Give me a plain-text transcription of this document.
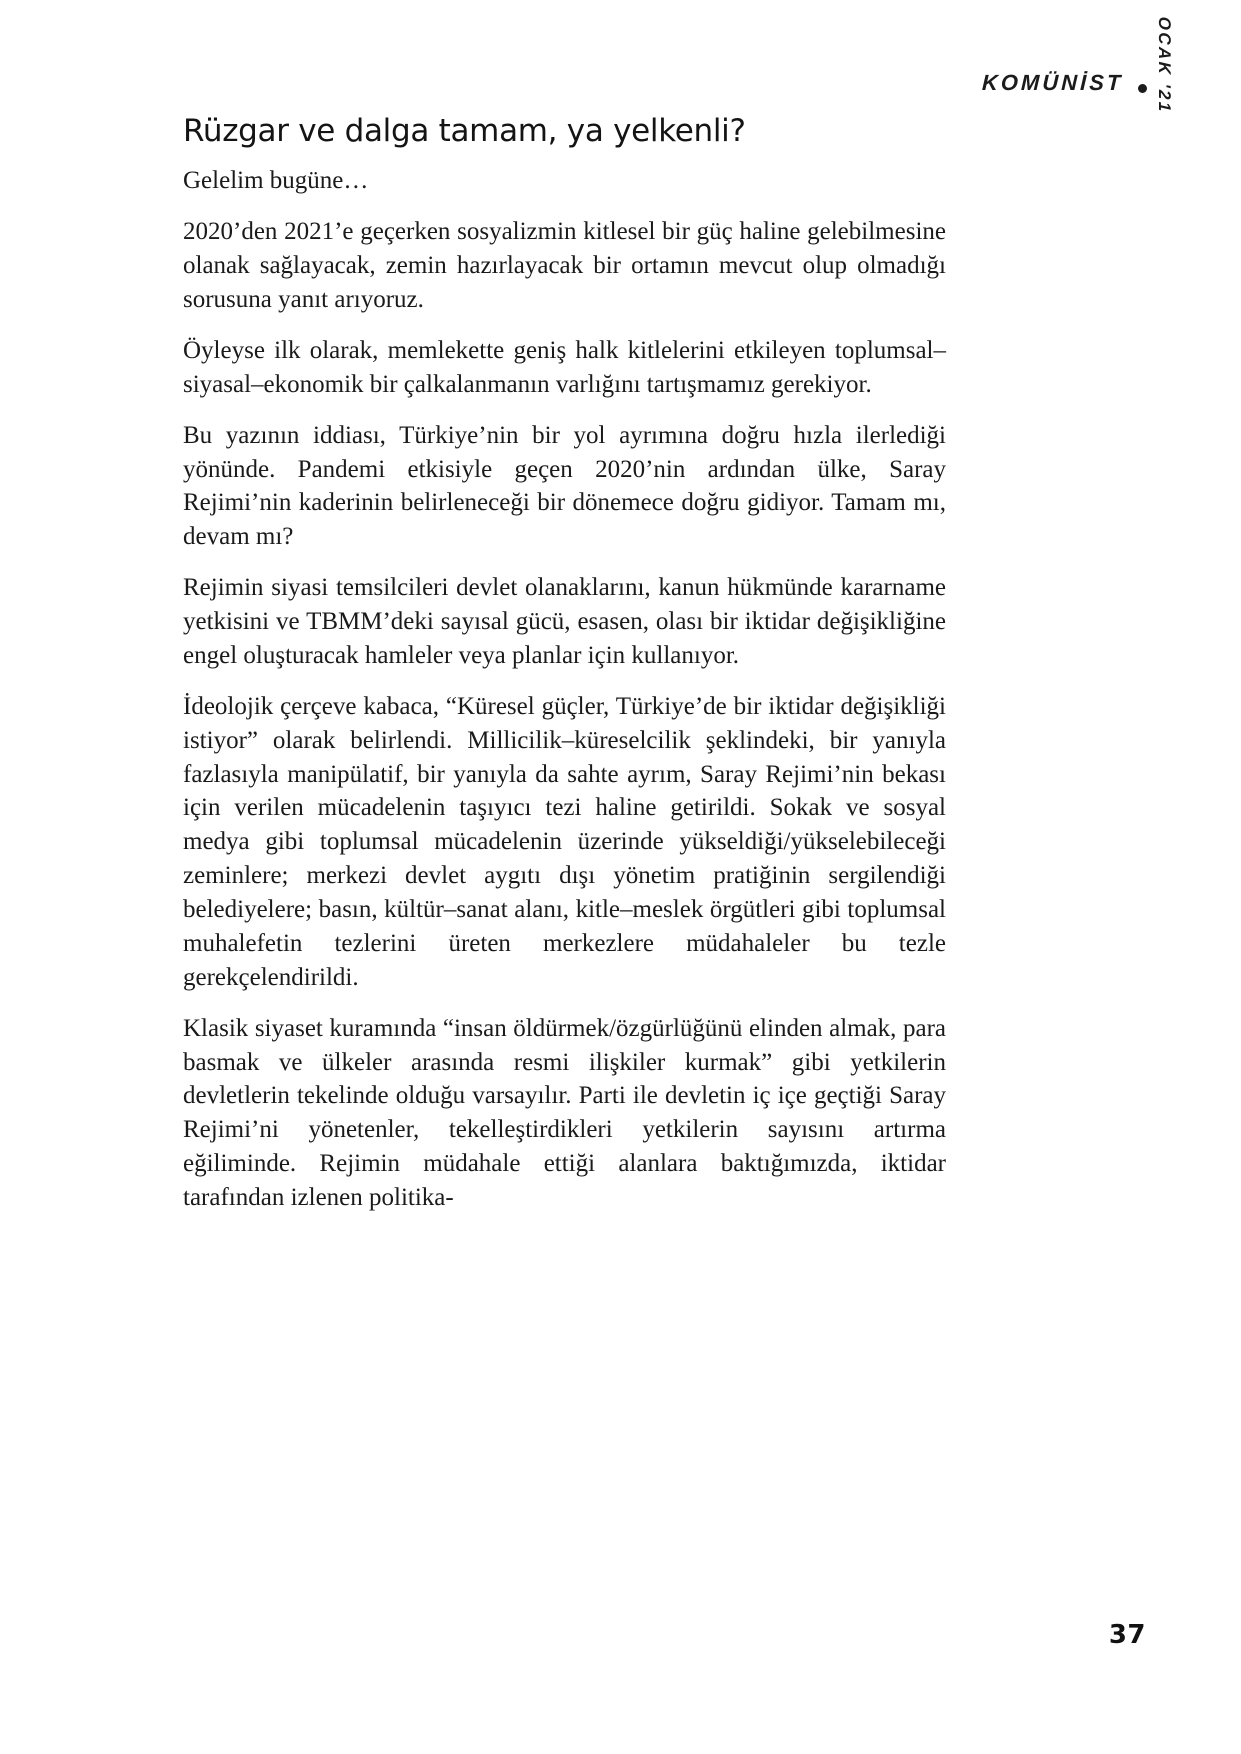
KOMÜNİST OCAK '21
Rüzgar ve dalga tamam, ya yelkenli?

Gelelim bugüne…

2020’den 2021’e geçerken sosyalizmin kitlesel bir güç haline gelebilmesine olanak sağlayacak, zemin hazırlayacak bir ortamın mevcut olup olmadığı sorusuna yanıt arıyoruz.

Öyleyse ilk olarak, memlekette geniş halk kitlelerini etkileyen toplumsal–siyasal–ekonomik bir çalkalanmanın varlığını tartışmamız gerekiyor.

Bu yazının iddiası, Türkiye’nin bir yol ayrımına doğru hızla ilerlediği yönünde. Pandemi etkisiyle geçen 2020’nin ardından ülke, Saray Rejimi’nin kaderinin belirleneceği bir dönemece doğru gidiyor. Tamam mı, devam mı?

Rejimin siyasi temsilcileri devlet olanaklarını, kanun hükmünde kararname yetkisini ve TBMM’deki sayısal gücü, esasen, olası bir iktidar değişikliğine engel oluşturacak hamleler veya planlar için kullanıyor.

İdeolojik çerçeve kabaca, “Küresel güçler, Türkiye’de bir iktidar değişikliği istiyor” olarak belirlendi. Millicilik–küreselcilik şeklindeki, bir yanıyla fazlasıyla manipülatif, bir yanıyla da sahte ayrım, Saray Rejimi’nin bekası için verilen mücadelenin taşıyıcı tezi haline getirildi. Sokak ve sosyal medya gibi toplumsal mücadelenin üzerinde yükseldiği/yükselebileceği zeminlere; merkezi devlet aygıtı dışı yönetim pratiğinin sergilendiği belediyelere; basın, kültür–sanat alanı, kitle–meslek örgütleri gibi toplumsal muhalefetin tezlerini üreten merkezlere müdahaleler bu tezle gerekçelendirildi.

Klasik siyaset kuramında “insan öldürmek/özgürlüğünü elinden almak, para basmak ve ülkeler arasında resmi ilişkiler kurmak” gibi yetkilerin devletlerin tekelinde olduğu varsayılır. Parti ile devletin iç içe geçtiği Saray Rejimi’ni yönetenler, tekelleştirdikleri yetkilerin sayısını artırma eğiliminde. Rejimin müdahale ettiği alanlara baktığımızda, iktidar tarafından izlenen politika-

37
